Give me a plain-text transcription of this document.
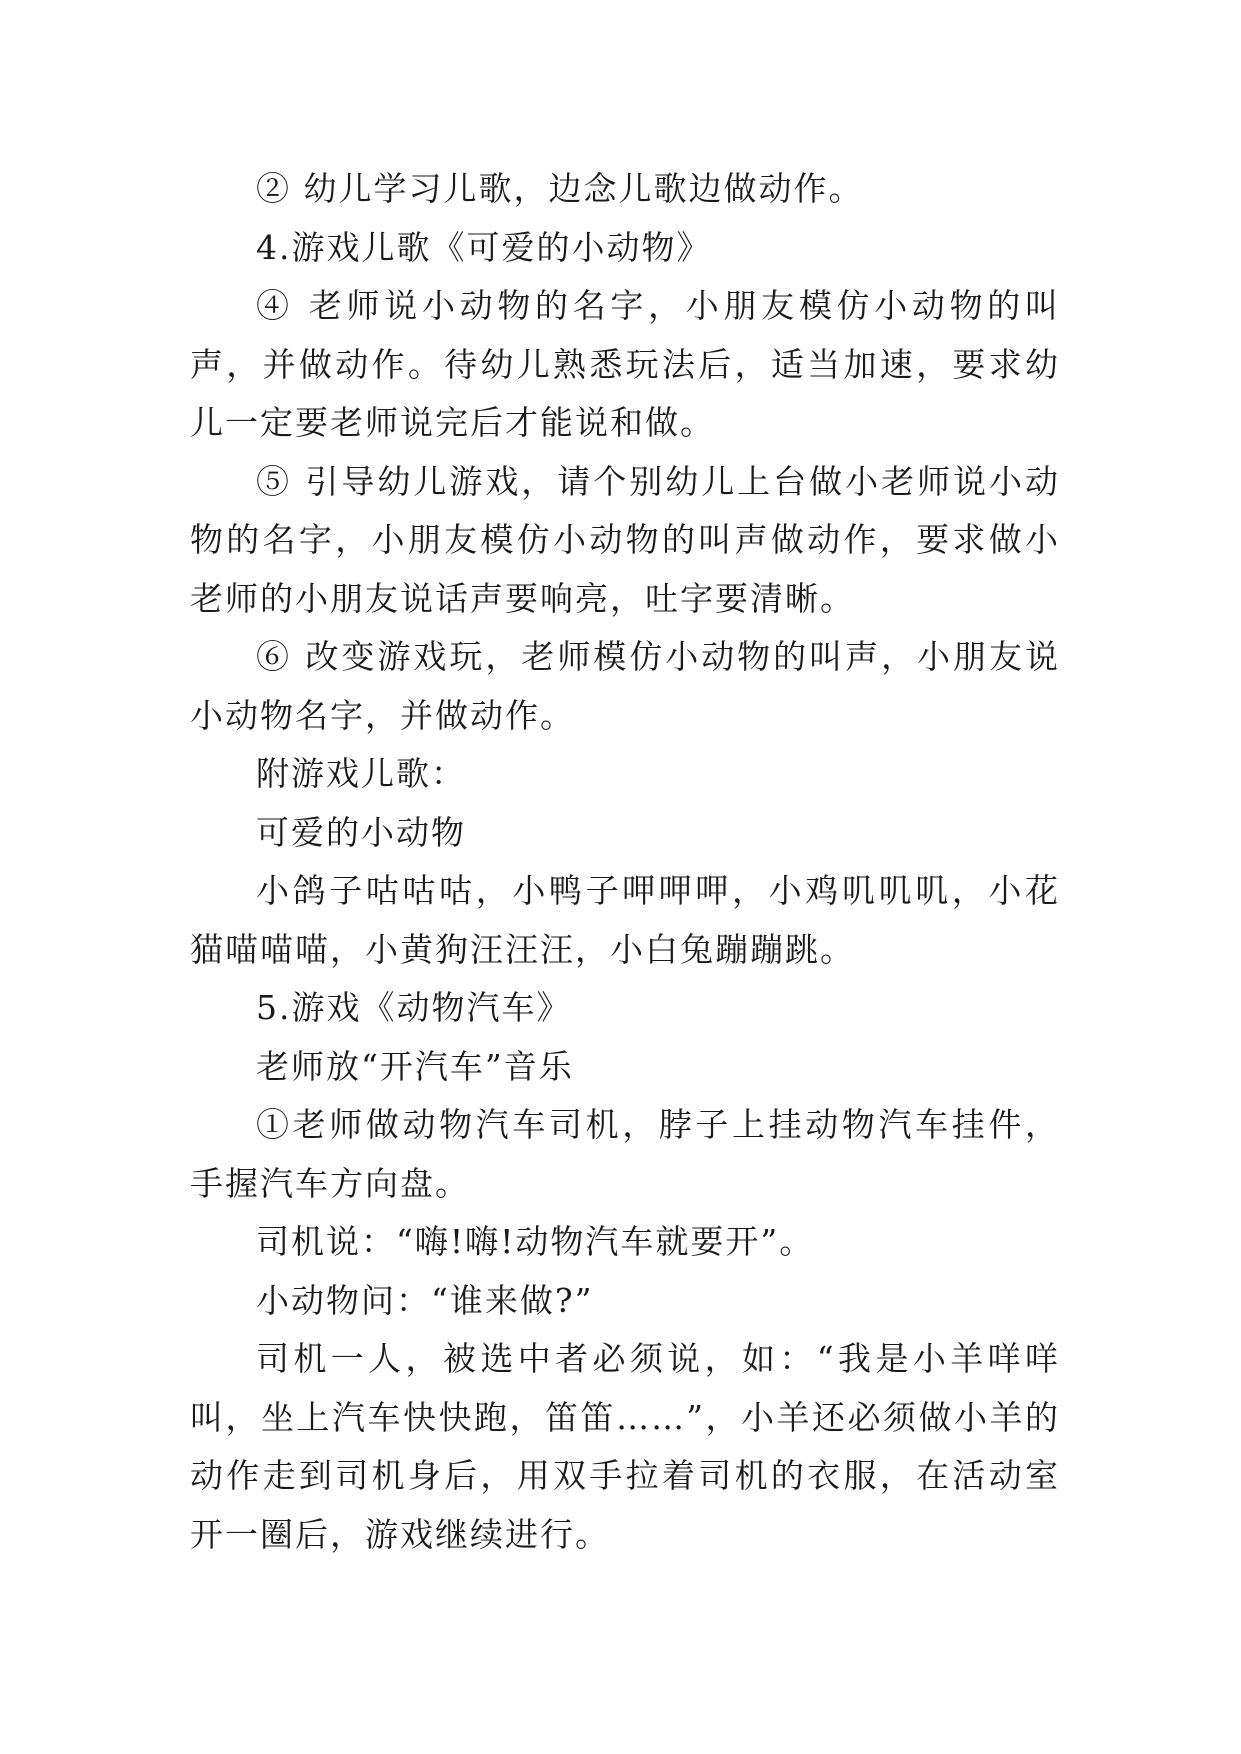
② 幼儿学习儿歌，边念儿歌边做动作。

4.游戏儿歌《可爱的小动物》

④ 老师说小动物的名字，小朋友模仿小动物的叫声，并做动作。待幼儿熟悉玩法后，适当加速，要求幼儿一定要老师说完后才能说和做。

⑤ 引导幼儿游戏，请个别幼儿上台做小老师说小动物的名字，小朋友模仿小动物的叫声做动作，要求做小老师的小朋友说话声要响亮，吐字要清晰。

⑥ 改变游戏玩，老师模仿小动物的叫声，小朋友说小动物名字，并做动作。

附游戏儿歌：

可爱的小动物

小鸽子咕咕咕，小鸭子呷呷呷，小鸡叽叽叽，小花猫喵喵喵，小黄狗汪汪汪，小白兔蹦蹦跳。

5.游戏《动物汽车》

老师放“开汽车”音乐

①老师做动物汽车司机，脖子上挂动物汽车挂件，手握汽车方向盘。

司机说：“嗨!嗨!动物汽车就要开”。

小动物问：“谁来做?”

司机一人，被选中者必须说，如：“我是小羊咩咩叫，坐上汽车快快跑，笛笛……”，小羊还必须做小羊的动作走到司机身后，用双手拉着司机的衣服，在活动室开一圈后，游戏继续进行。
